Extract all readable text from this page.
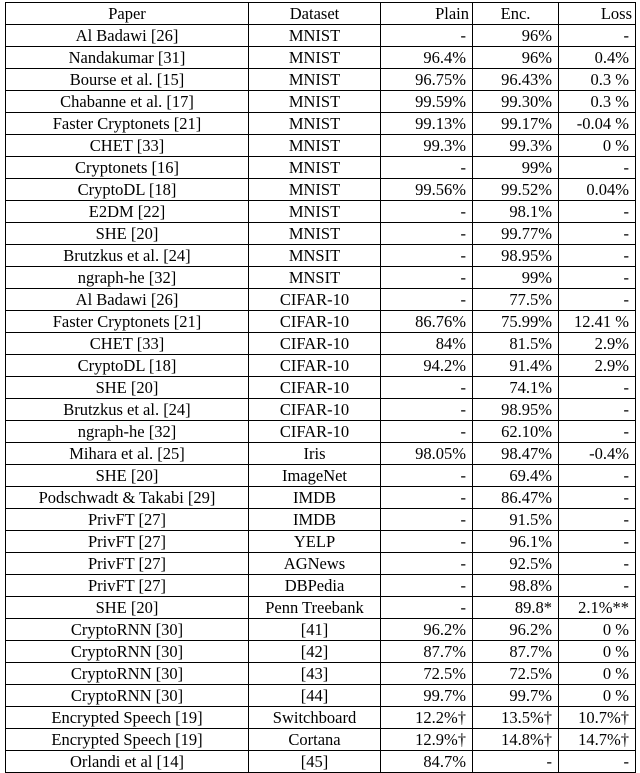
Paper	Dataset	Plain	Enc.	Loss
Al Badawi [26]	MNIST	-	96%	-
Nandakumar [31]	MNIST	96.4%	96%	0.4%
Bourse et al. [15]	MNIST	96.75%	96.43%	0.3 %
Chabanne et al. [17]	MNIST	99.59%	99.30%	0.3 %
Faster Cryptonets [21]	MNIST	99.13%	99.17%	-0.04 %
CHET [33]	MNIST	99.3%	99.3%	0 %
Cryptonets [16]	MNIST	-	99%	-
CryptoDL [18]	MNIST	99.56%	99.52%	0.04%
E2DM [22]	MNIST	-	98.1%	-
SHE [20]	MNIST	-	99.77%	-
Brutzkus et al. [24]	MNSIT	-	98.95%	-
ngraph-he [32]	MNSIT	-	99%	-
Al Badawi [26]	CIFAR-10	-	77.5%	-
Faster Cryptonets [21]	CIFAR-10	86.76%	75.99%	12.41 %
CHET [33]	CIFAR-10	84%	81.5%	2.9%
CryptoDL [18]	CIFAR-10	94.2%	91.4%	2.9%
SHE [20]	CIFAR-10	-	74.1%	-
Brutzkus et al. [24]	CIFAR-10	-	98.95%	-
ngraph-he [32]	CIFAR-10	-	62.10%	-
Mihara et al. [25]	Iris	98.05%	98.47%	-0.4%
SHE [20]	ImageNet	-	69.4%	-
Podschwadt & Takabi [29]	IMDB	-	86.47%	-
PrivFT [27]	IMDB	-	91.5%	-
PrivFT [27]	YELP	-	96.1%	-
PrivFT [27]	AGNews	-	92.5%	-
PrivFT [27]	DBPedia	-	98.8%	-
SHE [20]	Penn Treebank	-	89.8*	2.1%**
CryptoRNN [30]	[41]	96.2%	96.2%	0 %
CryptoRNN [30]	[42]	87.7%	87.7%	0 %
CryptoRNN [30]	[43]	72.5%	72.5%	0 %
CryptoRNN [30]	[44]	99.7%	99.7%	0 %
Encrypted Speech [19]	Switchboard	12.2%†	13.5%†	10.7%†
Encrypted Speech [19]	Cortana	12.9%†	14.8%†	14.7%†
Orlandi et al [14]	[45]	84.7%	-	-
